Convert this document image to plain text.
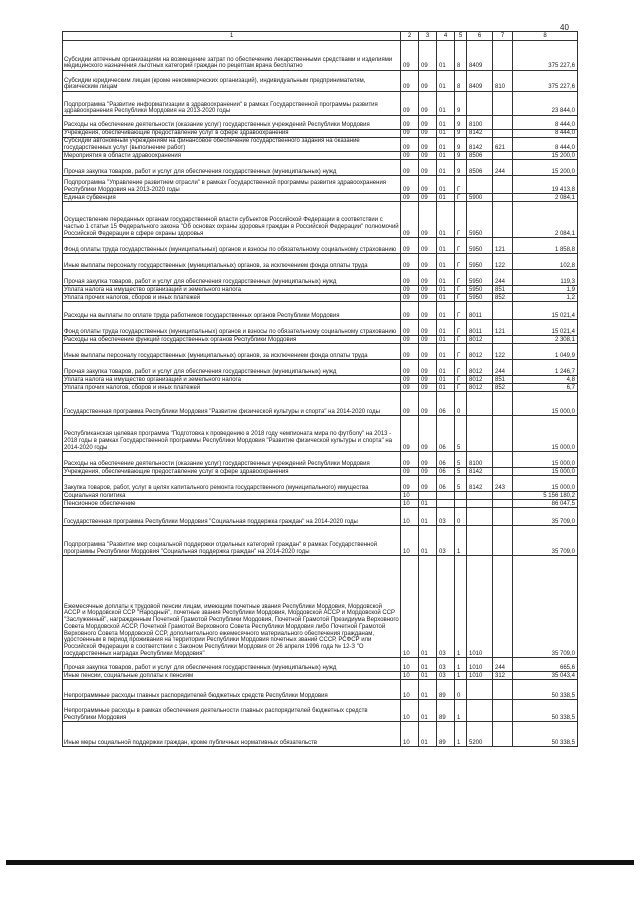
40
1	2	3	4	5	6	7	8
Субсидии аптечным организациям на возмещение затрат по обеспечению лекарственными средствами и изделиями медицинского назначения льготных категорий граждан по рецептам врача бесплатно	09	09	01	8	8409		375 227,6
Субсидии юридическим лицам (кроме некоммерческих организаций), индивидуальным предпринимателям, физическим лицам	09	09	01	8	8409	810	375 227,6
Подпрограмма "Развитие информатизации в здравоохранении" в рамках Государственной программы развития здравоохранения Республики Мордовия на 2013-2020 годы	09	09	01	9			23 844,0
Расходы на обеспечение деятельности (оказание услуг) государственных учреждений Республики Мордовия	09	09	01	9	8100		8 444,0
Учреждения, обеспечивающие предоставление услуг в сфере здравоохранения	09	09	01	9	8142		8 444,0
Субсидии автономным учреждениям на финансовое обеспечение государственного задания на оказание государственных услуг (выполнение работ)	09	09	01	9	8142	621	8 444,0
Мероприятия в области здравоохранения	09	09	01	9	8506		15 200,0
Прочая закупка товаров, работ и услуг для обеспечения государственных (муниципальных) нужд	09	09	01	9	8506	244	15 200,0
Подпрограмма "Управление развитием отрасли" в рамках Государственной программы развития здравоохранения Республики Мордовия на 2013-2020 годы	09	09	01	Г			19 413,8
Единая субвенция	09	09	01	Г	5900		2 084,1
Осуществление переданных органам государственной власти субъектов Российской Федерации в соответствии с частью 1 статьи 15 Федерального закона "Об основах охраны здоровья граждан в Российской Федерации" полномочий Российской Федерации в сфере охраны здоровья	09	09	01	Г	5950		2 084,1
Фонд оплаты труда государственных (муниципальных) органов и взносы по обязательному социальному страхованию	09	09	01	Г	5950	121	1 858,8
Иные выплаты персоналу государственных (муниципальных) органов, за исключением фонда оплаты труда	09	09	01	Г	5950	122	102,8
Прочая закупка товаров, работ и услуг для обеспечения государственных (муниципальных) нужд	09	09	01	Г	5950	244	119,3
Уплата налога на имущество организаций и земельного налога	09	09	01	Г	5950	851	1,9
Уплата прочих налогов, сборов и иных платежей	09	09	01	Г	5950	852	1,2
Расходы на выплаты по оплате труда работников государственных органов Республики Мордовия	09	09	01	Г	8011		15 021,4
Фонд оплаты труда государственных (муниципальных) органов и взносы по обязательному социальному страхованию	09	09	01	Г	8011	121	15 021,4
Расходы на обеспечение функций государственных органов Республики Мордовия	09	09	01	Г	8012		2 308,1
Иные выплаты персоналу государственных (муниципальных) органов, за исключением фонда оплаты труда	09	09	01	Г	8012	122	1 049,9
Прочая закупка товаров, работ и услуг для обеспечения государственных (муниципальных) нужд	09	09	01	Г	8012	244	1 246,7
Уплата налога на имущество организаций и земельного налога	09	09	01	Г	8012	851	4,8
Уплата прочих налогов, сборов и иных платежей	09	09	01	Г	8012	852	6,7
Государственная программа Республики Мордовия "Развитие физической культуры и спорта" на 2014-2020 годы	09	09	06	0			15 000,0
Республиканская целевая программа "Подготовка к проведению в 2018 году чемпионата мира по футболу" на 2013 - 2018 годы в рамках Государственной программы Республики Мордовия "Развитие физической культуры и спорта" на 2014-2020 годы	09	09	06	5			15 000,0
Расходы на обеспечение деятельности (оказание услуг) государственных учреждений Республики Мордовия	09	09	06	5	8100		15 000,0
Учреждения, обеспечивающие предоставление услуг в сфере здравоохранения	09	09	06	5	8142		15 000,0
Закупка товаров, работ, услуг в целях капитального ремонта государственного (муниципального) имущества	09	09	06	5	8142	243	15 000,0
Социальная политика	10						5 156 180,2
Пенсионное обеспечение	10	01					86 047,5
Государственная программа Республики Мордовия "Социальная поддержка граждан" на 2014-2020 годы	10	01	03	0			35 709,0
Подпрограмма "Развитие мер социальной поддержки отдельных категорий граждан" в рамках Государственной программы Республики Мордовия "Социальная поддержка граждан" на 2014-2020 годы	10	01	03	1			35 709,0
Ежемесячные доплаты к трудовой пенсии лицам, имеющим почетные звания Республики Мордовия, Мордовской АССР и Мордовской ССР "Народный", почетные звания Республики Мордовия, Мордовской АССР и Мордовской ССР "Заслуженный", награжденным Почетной Грамотой Республики Мордовия, Почетной Грамотой Президиума Верховного Совета Мордовской АССР, Почетной Грамотой Верховного Совета Республики Мордовия либо Почетной Грамотой Верховного Совета Мордовской ССР, дополнительного ежемесячного материального обеспечения гражданам, удостоенным в период проживания на территории Республики Мордовия почетных званий СССР, РСФСР или Российской Федерации в соответствии с Законом Республики Мордовия от 26 апреля 1996 года № 12-З "О государственных наградах Республики Мордовия"	10	01	03	1	1010		35 709,0
Прочая закупка товаров, работ и услуг для обеспечения государственных (муниципальных) нужд	10	01	03	1	1010	244	665,6
Иные пенсии, социальные доплаты к пенсиям	10	01	03	1	1010	312	35 043,4
Непрограммные расходы главных распорядителей бюджетных средств Республики Мордовия	10	01	89	0			50 338,5
Непрограммные расходы в рамках обеспечения деятельности главных распорядителей бюджетных средств Республики Мордовия	10	01	89	1			50 338,5
Иные меры социальной поддержки граждан, кроме публичных нормативных обязательств	10	01	89	1	5200		50 338,5
